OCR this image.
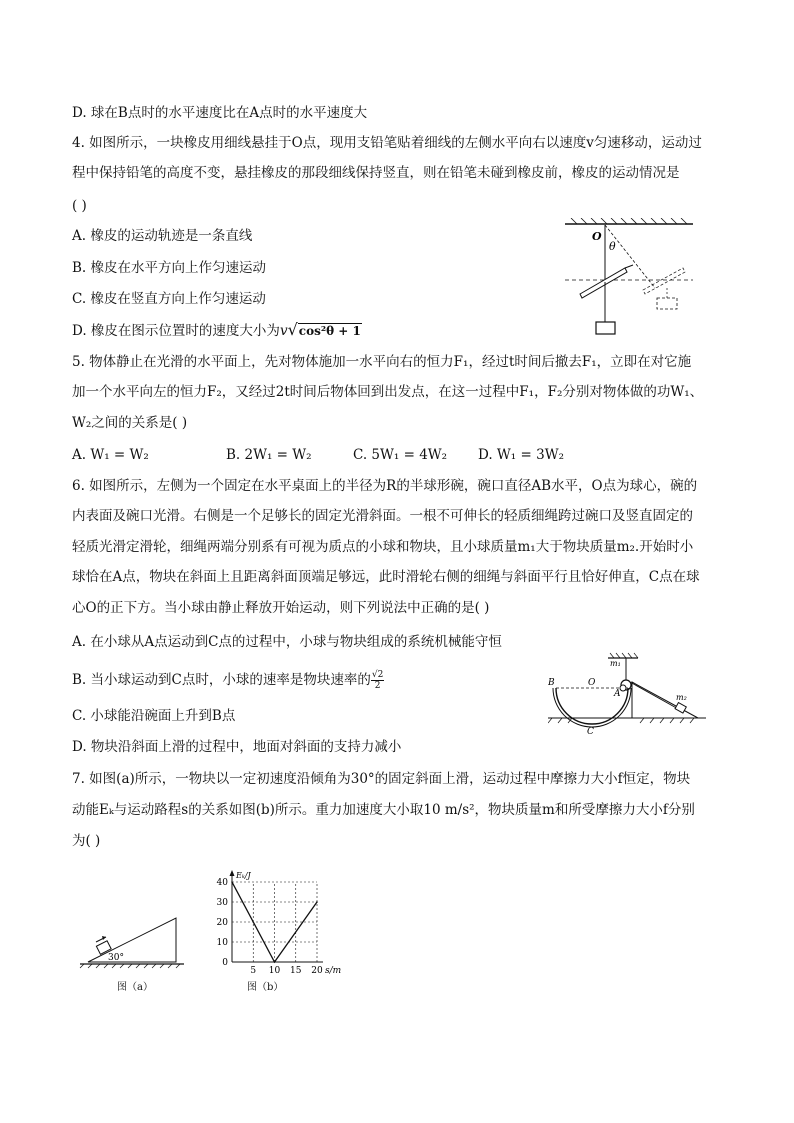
D. 球在B点时的水平速度比在A点时的水平速度大
4. 如图所示，一块橡皮用细线悬挂于O点，现用支铅笔贴着细线的左侧水平向右以速度v匀速移动，运动过
程中保持铅笔的高度不变，悬挂橡皮的那段细线保持竖直，则在铅笔未碰到橡皮前，橡皮的运动情况是
( )
A. 橡皮的运动轨迹是一条直线
B. 橡皮在水平方向上作匀速运动
C. 橡皮在竖直方向上作匀速运动
D. 橡皮在图示位置时的速度大小为v√cos²θ + 1
5. 物体静止在光滑的水平面上，先对物体施加一水平向右的恒力F₁，经过t时间后撤去F₁，立即在对它施
加一个水平向左的恒力F₂，又经过2t时间后物体回到出发点，在这一过程中F₁，F₂分别对物体做的功W₁、
W₂之间的关系是( )
A. W₁ = W₂	B. 2W₁ = W₂	C. 5W₁ = 4W₂ D. W₁ = 3W₂
6. 如图所示，左侧为一个固定在水平桌面上的半径为R的半球形碗，碗口直径AB水平，O点为球心，碗的
内表面及碗口光滑。右侧是一个足够长的固定光滑斜面。一根不可伸长的轻质细绳跨过碗口及竖直固定的
轻质光滑定滑轮，细绳两端分别系有可视为质点的小球和物块，且小球质量m₁大于物块质量m₂.开始时小
球恰在A点，物块在斜面上且距离斜面顶端足够远，此时滑轮右侧的细绳与斜面平行且恰好伸直，C点在球
心O的正下方。当小球由静止释放开始运动，则下列说法中正确的是( )
A. 在小球从A点运动到C点的过程中，小球与物块组成的系统机械能守恒
B. 当小球运动到C点时，小球的速率是物块速率的 $\frac{√2}{2}$
C. 小球能沿碗面上升到B点
D. 物块沿斜面上滑的过程中，地面对斜面的支持力减小
7. 如图(a)所示，一物块以一定初速度沿倾角为30°的固定斜面上滑，运动过程中摩擦力大小f恒定，物块
动能Eₖ与运动路程s的关系如图(b)所示。重力加速度大小取10 m/s²，物块质量m和所受摩擦力大小f分别
为( )
O
θ
B	O
A
C
m₁
m₂
30°
图（a）
5 10 15 20
0
10
20
30
40
s/m
Eₖ/J
图（b）
